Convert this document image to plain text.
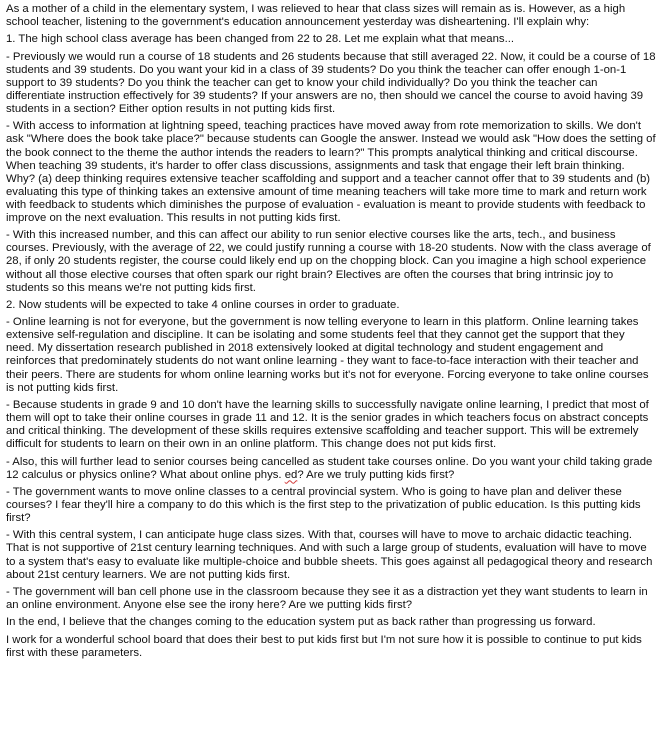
As a mother of a child in the elementary system, I was relieved to hear that class sizes will remain as is. However, as a high school teacher, listening to the government's education announcement yesterday was disheartening. I'll explain why:

1. The high school class average has been changed from 22 to 28. Let me explain what that means...

- Previously we would run a course of 18 students and 26 students because that still averaged 22. Now, it could be a course of 18 students and 39 students. Do you want your kid in a class of 39 students? Do you think the teacher can offer enough 1-on-1 support to 39 students? Do you think the teacher can get to know your child individually? Do you think the teacher can differentiate instruction effectively for 39 students? If your answers are no, then should we cancel the course to avoid having 39 students in a section? Either option results in not putting kids first.

- With access to information at lightning speed, teaching practices have moved away from rote memorization to skills. We don't ask "Where does the book take place?" because students can Google the answer. Instead we would ask "How does the setting of the book connect to the theme the author intends the readers to learn?" This prompts analytical thinking and critical discourse. When teaching 39 students, it's harder to offer class discussions, assignments and task that engage their left brain thinking. Why? (a) deep thinking requires extensive teacher scaffolding and support and a teacher cannot offer that to 39 students and (b) evaluating this type of thinking takes an extensive amount of time meaning teachers will take more time to mark and return work with feedback to students which diminishes the purpose of evaluation - evaluation is meant to provide students with feedback to improve on the next evaluation. This results in not putting kids first.

- With this increased number, and this can affect our ability to run senior elective courses like the arts, tech., and business courses. Previously, with the average of 22, we could justify running a course with 18-20 students. Now with the class average of 28, if only 20 students register, the course could likely end up on the chopping block. Can you imagine a high school experience without all those elective courses that often spark our right brain? Electives are often the courses that bring intrinsic joy to students so this means we're not putting kids first.

2. Now students will be expected to take 4 online courses in order to graduate.

- Online learning is not for everyone, but the government is now telling everyone to learn in this platform. Online learning takes extensive self-regulation and discipline. It can be isolating and some students feel that they cannot get the support that they need. My dissertation research published in 2018 extensively looked at digital technology and student engagement and reinforces that predominately students do not want online learning - they want to face-to-face interaction with their teacher and their peers. There are students for whom online learning works but it's not for everyone. Forcing everyone to take online courses is not putting kids first.

- Because students in grade 9 and 10 don't have the learning skills to successfully navigate online learning, I predict that most of them will opt to take their online courses in grade 11 and 12. It is the senior grades in which teachers focus on abstract concepts and critical thinking. The development of these skills requires extensive scaffolding and teacher support. This will be extremely difficult for students to learn on their own in an online platform. This change does not put kids first.

- Also, this will further lead to senior courses being cancelled as student take courses online. Do you want your child taking grade 12 calculus or physics online? What about online phys. ed? Are we truly putting kids first?

- The government wants to move online classes to a central provincial system. Who is going to have plan and deliver these courses? I fear they'll hire a company to do this which is the first step to the privatization of public education. Is this putting kids first?

- With this central system, I can anticipate huge class sizes. With that, courses will have to move to archaic didactic teaching. That is not supportive of 21st century learning techniques. And with such a large group of students, evaluation will have to move to a system that's easy to evaluate like multiple-choice and bubble sheets. This goes against all pedagogical theory and research about 21st century learners. We are not putting kids first.

- The government will ban cell phone use in the classroom because they see it as a distraction yet they want students to learn in an online environment. Anyone else see the irony here? Are we putting kids first?

In the end, I believe that the changes coming to the education system put as back rather than progressing us forward.

I work for a wonderful school board that does their best to put kids first but I'm not sure how it is possible to continue to put kids first with these parameters.
